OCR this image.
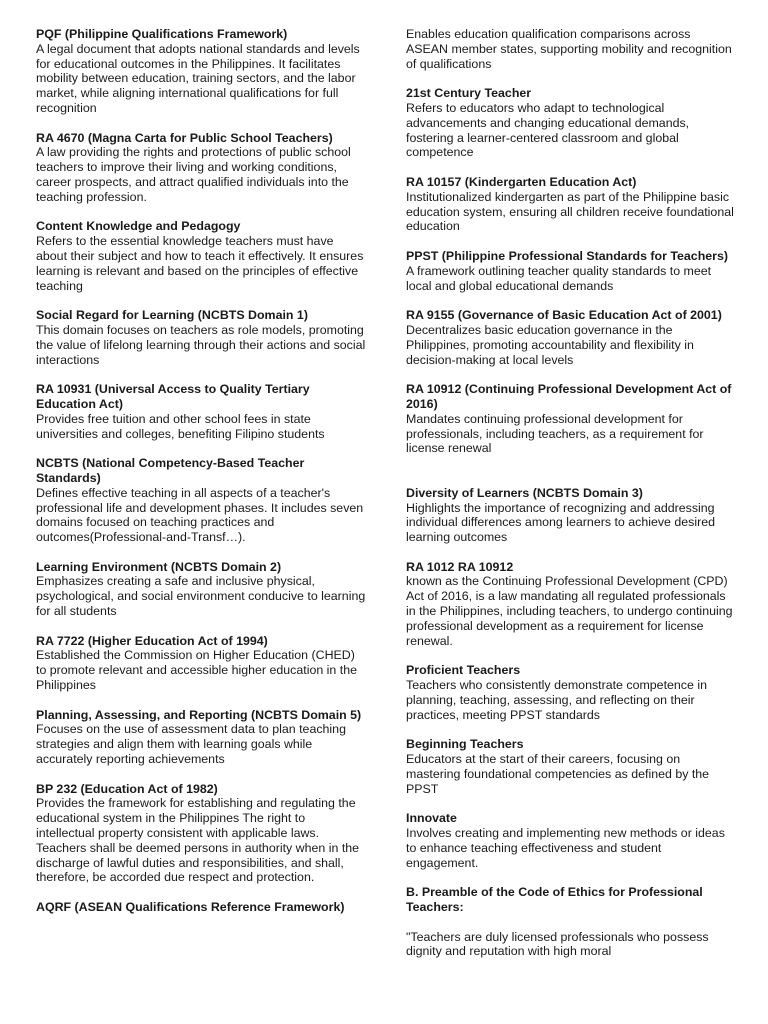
PQF (Philippine Qualifications Framework)
A legal document that adopts national standards and levels for educational outcomes in the Philippines. It facilitates mobility between education, training sectors, and the labor market, while aligning international qualifications for full recognition
RA 4670 (Magna Carta for Public School Teachers)
A law providing the rights and protections of public school teachers to improve their living and working conditions, career prospects, and attract qualified individuals into the teaching profession.
Content Knowledge and Pedagogy
Refers to the essential knowledge teachers must have about their subject and how to teach it effectively. It ensures learning is relevant and based on the principles of effective teaching
Social Regard for Learning (NCBTS Domain 1)
This domain focuses on teachers as role models, promoting the value of lifelong learning through their actions and social interactions
RA 10931 (Universal Access to Quality Tertiary Education Act)
Provides free tuition and other school fees in state universities and colleges, benefiting Filipino students
NCBTS (National Competency-Based Teacher Standards)
Defines effective teaching in all aspects of a teacher's professional life and development phases. It includes seven domains focused on teaching practices and outcomes(Professional-and-Transf…).
Learning Environment (NCBTS Domain 2)
Emphasizes creating a safe and inclusive physical, psychological, and social environment conducive to learning for all students
RA 7722 (Higher Education Act of 1994)
Established the Commission on Higher Education (CHED) to promote relevant and accessible higher education in the Philippines
Planning, Assessing, and Reporting (NCBTS Domain 5)
Focuses on the use of assessment data to plan teaching strategies and align them with learning goals while accurately reporting achievements
BP 232 (Education Act of 1982)
Provides the framework for establishing and regulating the educational system in the Philippines The right to intellectual property consistent with applicable laws. Teachers shall be deemed persons in authority when in the discharge of lawful duties and responsibilities, and shall, therefore, be accorded due respect and protection.
AQRF (ASEAN Qualifications Reference Framework)
Enables education qualification comparisons across ASEAN member states, supporting mobility and recognition of qualifications
21st Century Teacher
Refers to educators who adapt to technological advancements and changing educational demands, fostering a learner-centered classroom and global competence
RA 10157 (Kindergarten Education Act)
Institutionalized kindergarten as part of the Philippine basic education system, ensuring all children receive foundational education
PPST (Philippine Professional Standards for Teachers)
A framework outlining teacher quality standards to meet local and global educational demands
RA 9155 (Governance of Basic Education Act of 2001)
Decentralizes basic education governance in the Philippines, promoting accountability and flexibility in decision-making at local levels
RA 10912 (Continuing Professional Development Act of 2016)
Mandates continuing professional development for professionals, including teachers, as a requirement for license renewal
Diversity of Learners (NCBTS Domain 3)
Highlights the importance of recognizing and addressing individual differences among learners to achieve desired learning outcomes
RA 1012 RA 10912
known as the Continuing Professional Development (CPD) Act of 2016, is a law mandating all regulated professionals in the Philippines, including teachers, to undergo continuing professional development as a requirement for license renewal.
Proficient Teachers
Teachers who consistently demonstrate competence in planning, teaching, assessing, and reflecting on their practices, meeting PPST standards
Beginning Teachers
Educators at the start of their careers, focusing on mastering foundational competencies as defined by the PPST
Innovate
Involves creating and implementing new methods or ideas to enhance teaching effectiveness and student engagement.
B. Preamble of the Code of Ethics for Professional Teachers:
"Teachers are duly licensed professionals who possess dignity and reputation with high moral
